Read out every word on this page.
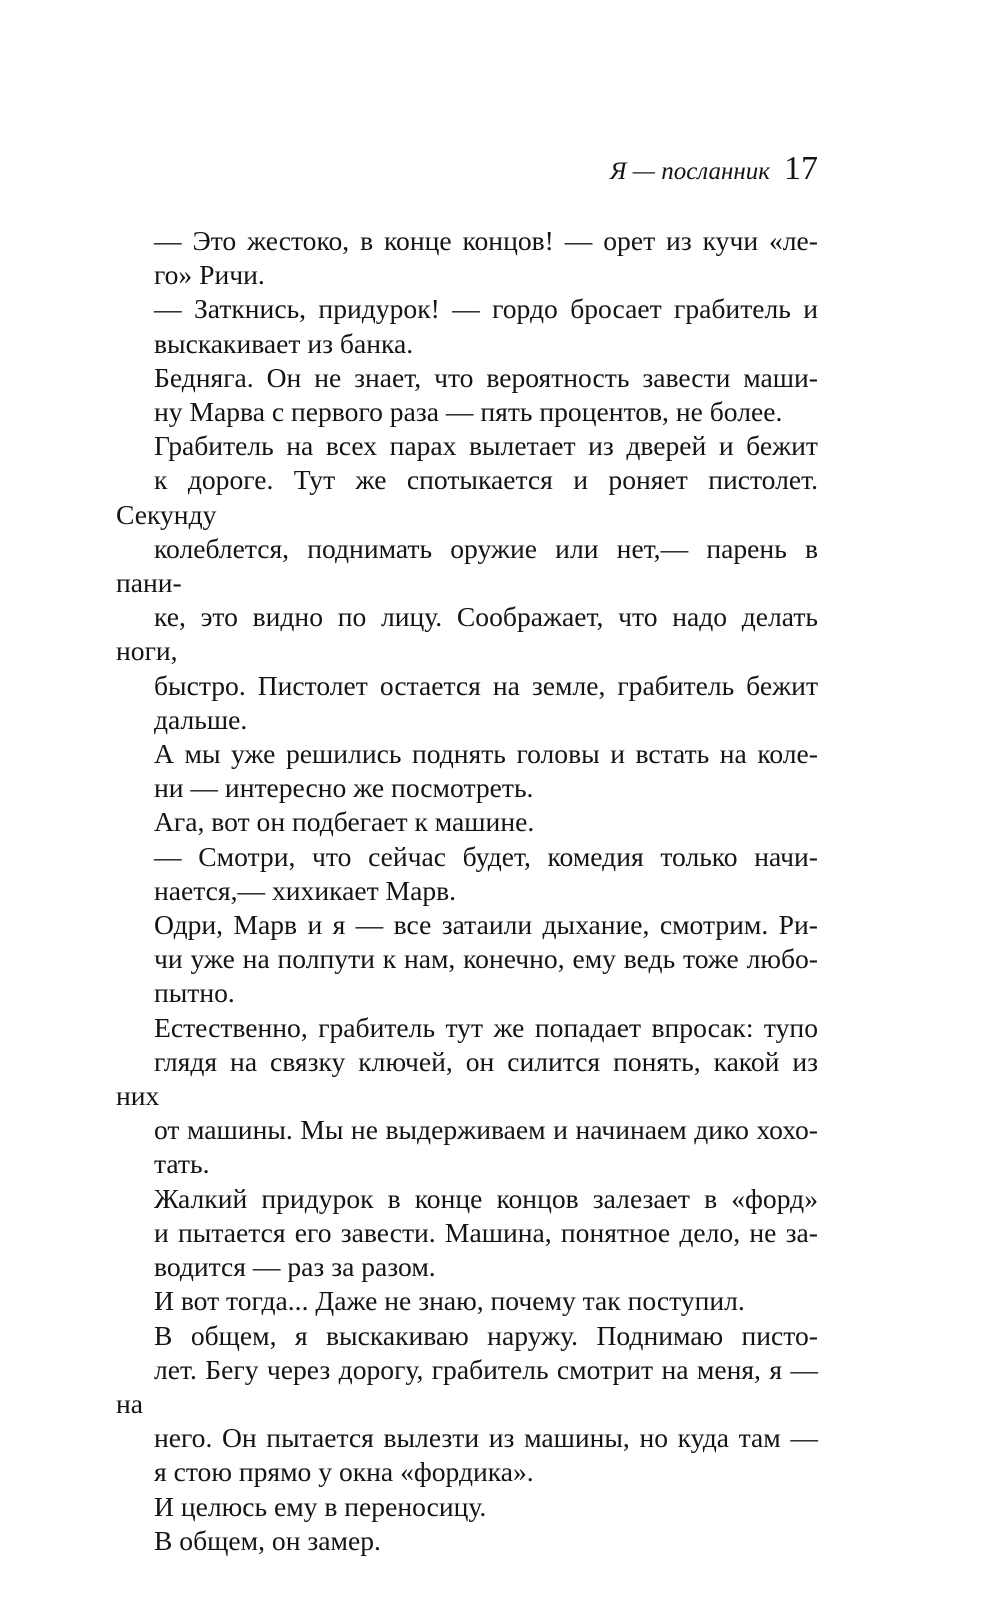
Я — посланник 17

— Это жестоко, в конце концов! — орет из кучи «ле-
го» Ричи.

— Заткнись, придурок! — гордо бросает грабитель и
выскакивает из банка.

Бедняга. Он не знает, что вероятность завести маши-
ну Марва с первого раза — пять процентов, не более.

Грабитель на всех парах вылетает из дверей и бежит
к дороге. Тут же спотыкается и роняет пистолет. Секунду
колеблется, поднимать оружие или нет,— парень в пани-
ке, это видно по лицу. Соображает, что надо делать ноги,
быстро. Пистолет остается на земле, грабитель бежит
дальше.

А мы уже решились поднять головы и встать на коле-
ни — интересно же посмотреть.

Ага, вот он подбегает к машине.

— Смотри, что сейчас будет, комедия только начи-
нается,— хихикает Марв.

Одри, Марв и я — все затаили дыхание, смотрим. Ри-
чи уже на полпути к нам, конечно, ему ведь тоже любо-
пытно.

Естественно, грабитель тут же попадает впросак: тупо
глядя на связку ключей, он силится понять, какой из них
от машины. Мы не выдерживаем и начинаем дико хохо-
тать.

Жалкий придурок в конце концов залезает в «форд»
и пытается его завести. Машина, понятное дело, не за-
водится — раз за разом.

И вот тогда... Даже не знаю, почему так поступил.

В общем, я выскакиваю наружу. Поднимаю писто-
лет. Бегу через дорогу, грабитель смотрит на меня, я — на
него. Он пытается вылезти из машины, но куда там —
я стою прямо у окна «фордика».

И целюсь ему в переносицу.

В общем, он замер.
